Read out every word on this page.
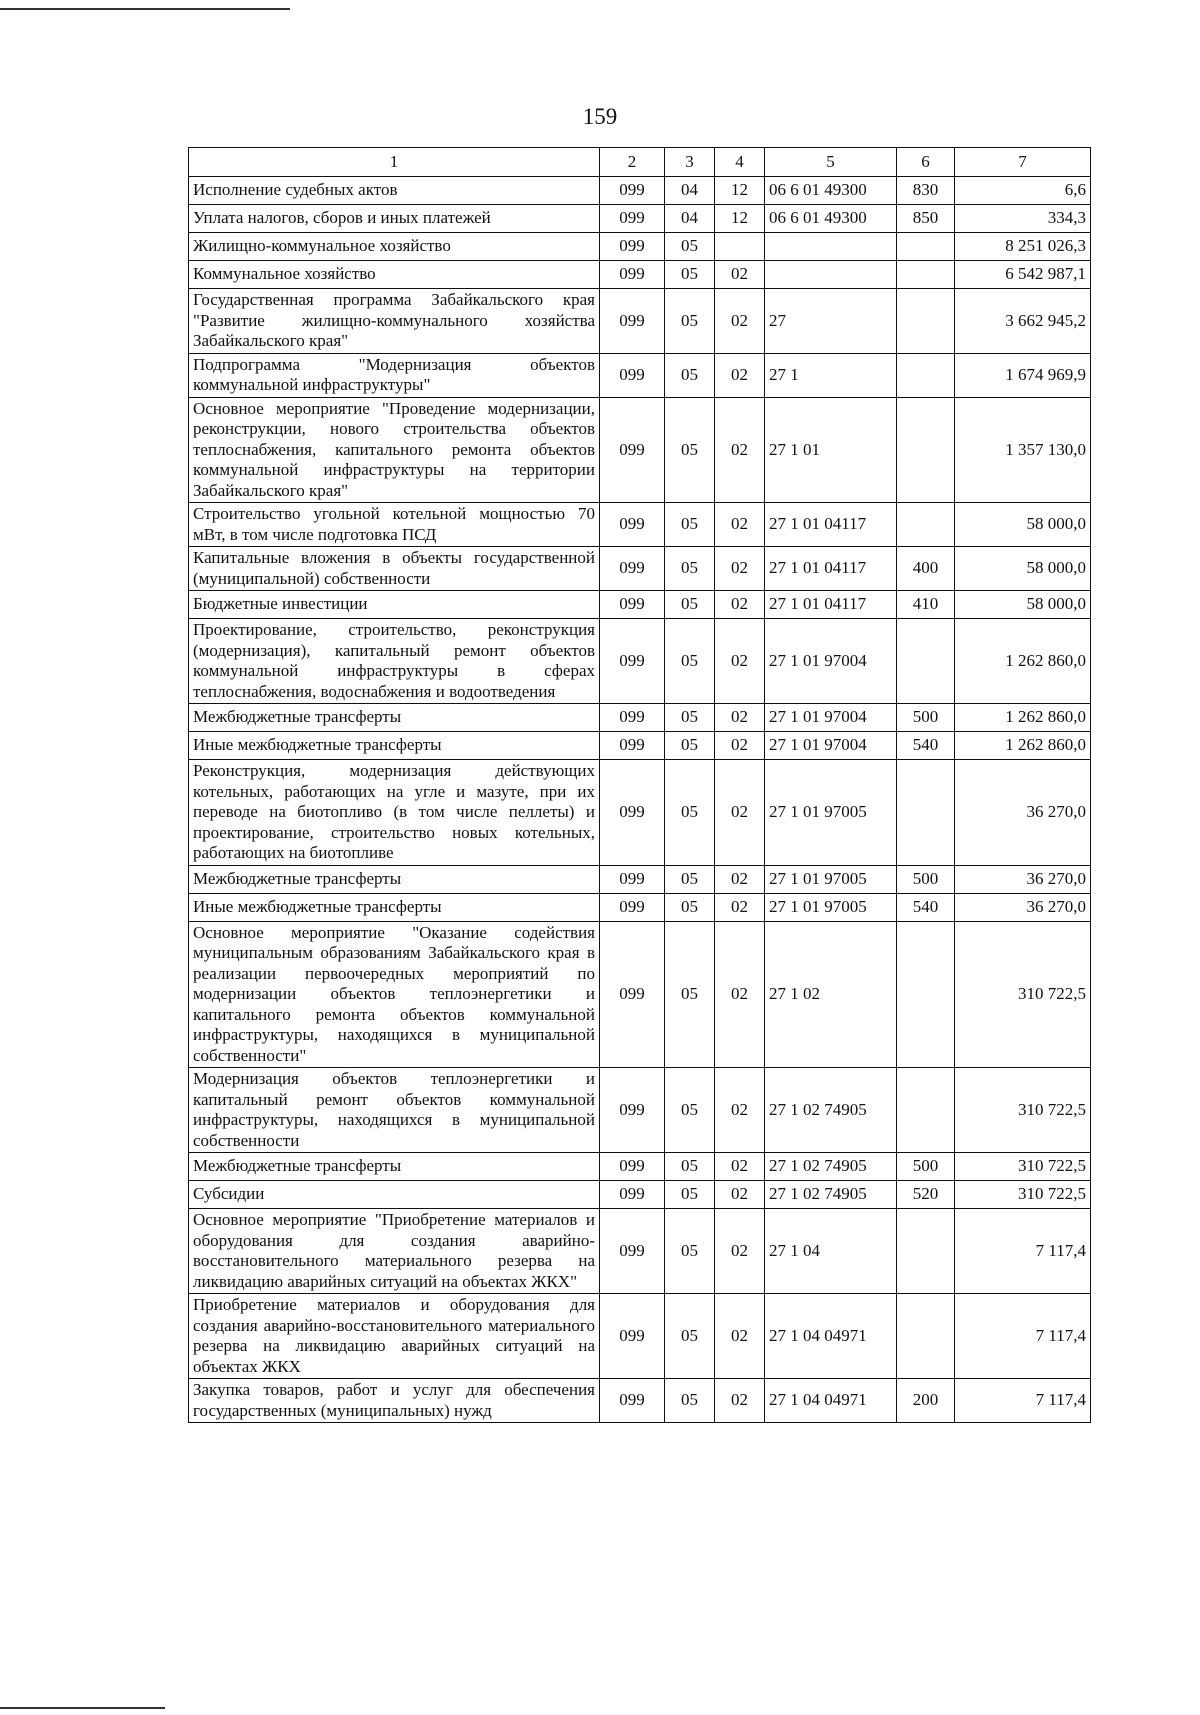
159
1	2	3	4	5	6	7
Исполнение судебных актов	099	04	12	06 6 01 49300	830	6,6
Уплата налогов, сборов и иных платежей	099	04	12	06 6 01 49300	850	334,3
Жилищно-коммунальное хозяйство	099	05				8 251 026,3
Коммунальное хозяйство	099	05	02			6 542 987,1
Государственная программа Забайкальского края "Развитие жилищно-коммунального хозяйства Забайкальского края"	099	05	02	27		3 662 945,2
Подпрограмма "Модернизация объектов коммунальной инфраструктуры"	099	05	02	27 1		1 674 969,9
Основное мероприятие "Проведение модернизации, реконструкции, нового строительства объектов теплоснабжения, капитального ремонта объектов коммунальной инфраструктуры на территории Забайкальского края"	099	05	02	27 1 01		1 357 130,0
Строительство угольной котельной мощностью 70 мВт, в том числе подготовка ПСД	099	05	02	27 1 01 04117		58 000,0
Капитальные вложения в объекты государственной (муниципальной) собственности	099	05	02	27 1 01 04117	400	58 000,0
Бюджетные инвестиции	099	05	02	27 1 01 04117	410	58 000,0
Проектирование, строительство, реконструкция (модернизация), капитальный ремонт объектов коммунальной инфраструктуры в сферах теплоснабжения, водоснабжения и водоотведения	099	05	02	27 1 01 97004		1 262 860,0
Межбюджетные трансферты	099	05	02	27 1 01 97004	500	1 262 860,0
Иные межбюджетные трансферты	099	05	02	27 1 01 97004	540	1 262 860,0
Реконструкция, модернизация действующих котельных, работающих на угле и мазуте, при их переводе на биотопливо (в том числе пеллеты) и проектирование, строительство новых котельных, работающих на биотопливе	099	05	02	27 1 01 97005		36 270,0
Межбюджетные трансферты	099	05	02	27 1 01 97005	500	36 270,0
Иные межбюджетные трансферты	099	05	02	27 1 01 97005	540	36 270,0
Основное мероприятие "Оказание содействия муниципальным образованиям Забайкальского края в реализации первоочередных мероприятий по модернизации объектов теплоэнергетики и капитального ремонта объектов коммунальной инфраструктуры, находящихся в муниципальной собственности"	099	05	02	27 1 02		310 722,5
Модернизация объектов теплоэнергетики и капитальный ремонт объектов коммунальной инфраструктуры, находящихся в муниципальной собственности	099	05	02	27 1 02 74905		310 722,5
Межбюджетные трансферты	099	05	02	27 1 02 74905	500	310 722,5
Субсидии	099	05	02	27 1 02 74905	520	310 722,5
Основное мероприятие "Приобретение материалов и оборудования для создания аварийно-восстановительного материального резерва на ликвидацию аварийных ситуаций на объектах ЖКХ"	099	05	02	27 1 04		7 117,4
Приобретение материалов и оборудования для создания аварийно-восстановительного материального резерва на ликвидацию аварийных ситуаций на объектах ЖКХ	099	05	02	27 1 04 04971		7 117,4
Закупка товаров, работ и услуг для обеспечения государственных (муниципальных) нужд	099	05	02	27 1 04 04971	200	7 117,4
